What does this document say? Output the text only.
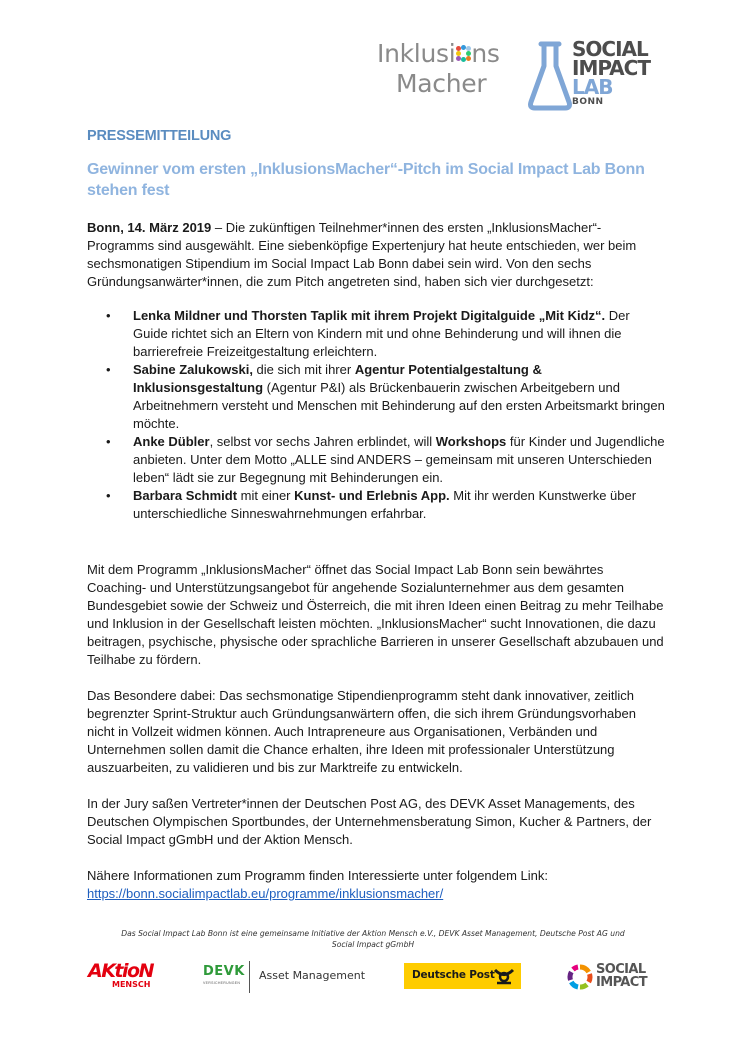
Inklusi ns
Macher
SOCIAL
IMPACT
LAB
BONN
PRESSEMITTEILUNG
Gewinner vom ersten „InklusionsMacher“-Pitch im Social Impact Lab Bonn stehen fest

Bonn, 14. März 2019 – Die zukünftigen Teilnehmer*innen des ersten „InklusionsMacher“-Programms sind ausgewählt. Eine siebenköpfige Expertenjury hat heute entschieden, wer beim sechsmonatigen Stipendium im Social Impact Lab Bonn dabei sein wird. Von den sechs Gründungsanwärter*innen, die zum Pitch angetreten sind, haben sich vier durchgesetzt:

• Lenka Mildner und Thorsten Taplik mit ihrem Projekt Digitalguide „Mit Kidz“. Der Guide richtet sich an Eltern von Kindern mit und ohne Behinderung und will ihnen die barrierefreie Freizeitgestaltung erleichtern.
• Sabine Zalukowski, die sich mit ihrer Agentur Potentialgestaltung & Inklusionsgestaltung (Agentur P&I) als Brückenbauerin zwischen Arbeitgebern und Arbeitnehmern versteht und Menschen mit Behinderung auf den ersten Arbeitsmarkt bringen möchte.
• Anke Dübler, selbst vor sechs Jahren erblindet, will Workshops für Kinder und Jugendliche anbieten. Unter dem Motto „ALLE sind ANDERS – gemeinsam mit unseren Unterschieden leben“ lädt sie zur Begegnung mit Behinderungen ein.
• Barbara Schmidt mit einer Kunst- und Erlebnis App. Mit ihr werden Kunstwerke über unterschiedliche Sinneswahrnehmungen erfahrbar.

Mit dem Programm „InklusionsMacher“ öffnet das Social Impact Lab Bonn sein bewährtes Coaching- und Unterstützungsangebot für angehende Sozialunternehmer aus dem gesamten Bundesgebiet sowie der Schweiz und Österreich, die mit ihren Ideen einen Beitrag zu mehr Teilhabe und Inklusion in der Gesellschaft leisten möchten. „InklusionsMacher“ sucht Innovationen, die dazu beitragen, psychische, physische oder sprachliche Barrieren in unserer Gesellschaft abzubauen und Teilhabe zu fördern.

Das Besondere dabei: Das sechsmonatige Stipendienprogramm steht dank innovativer, zeitlich begrenzter Sprint-Struktur auch Gründungsanwärtern offen, die sich ihrem Gründungsvorhaben nicht in Vollzeit widmen können. Auch Intrapreneure aus Organisationen, Verbänden und Unternehmen sollen damit die Chance erhalten, ihre Ideen mit professionaler Unterstützung auszuarbeiten, zu validieren und bis zur Marktreife zu entwickeln.

In der Jury saßen Vertreter*innen der Deutschen Post AG, des DEVK Asset Managements, des Deutschen Olympischen Sportbundes, der Unternehmensberatung Simon, Kucher & Partners, der Social Impact gGmbH und der Aktion Mensch.

Nähere Informationen zum Programm finden Interessierte unter folgendem Link:

https://bonn.socialimpactlab.eu/programme/inklusionsmacher/

Das Social Impact Lab Bonn ist eine gemeinsame Initiative der Aktion Mensch e.V., DEVK Asset Management, Deutsche Post AG und Social Impact gGmbH
AKtioN
MENSCH
DEVK
VERSICHERUNGEN
Asset Management	Deutsche Post	SOCIAL
IMPACT
